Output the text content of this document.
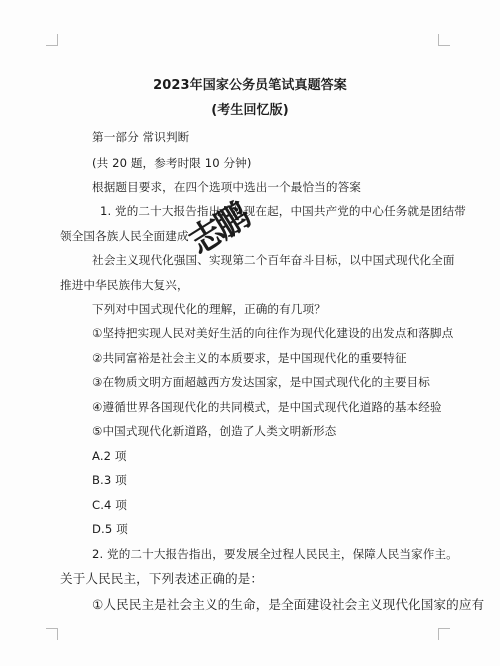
2023年国家公务员笔试真题答案
(考生回忆版)
第一部分 常识判断
(共 20 题，参考时限 10 分钟)
根据题目要求，在四个选项中选出一个最恰当的答案
1. 党的二十大报告指出，从现在起，中国共产党的中心任务就是团结带
领全国各族人民全面建成
社会主义现代化强国、实现第二个百年奋斗目标，以中国式现代化全面
推进中华民族伟大复兴，
下列对中国式现代化的理解，正确的有几项？
①坚持把实现人民对美好生活的向往作为现代化建设的出发点和落脚点
②共同富裕是社会主义的本质要求，是中国现代化的重要特征
③在物质文明方面超越西方发达国家，是中国式现代化的主要目标
④遵循世界各国现代化的共同模式，是中国式现代化道路的基本经验
⑤中国式现代化新道路，创造了人类文明新形态
A.2 项
B.3 项
C.4 项
D.5 项
2. 党的二十大报告指出，要发展全过程人民民主，保障人民当家作主。
关于人民民主，下列表述正确的是：
①人民民主是社会主义的生命，是全面建设社会主义现代化国家的应有
志鹏
